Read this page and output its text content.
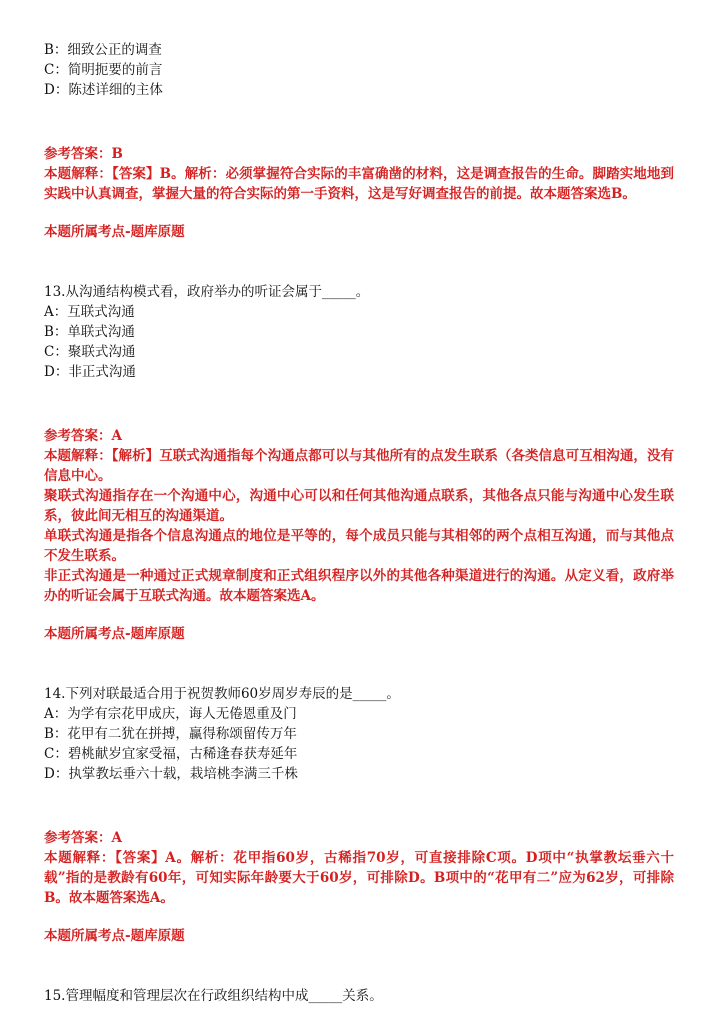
B：细致公正的调查
C：简明扼要的前言
D：陈述详细的主体
参考答案：B
本题解释：【答案】B。解析：必须掌握符合实际的丰富确凿的材料，这是调查报告的生命。脚踏实地地到实践中认真调查，掌握大量的符合实际的第一手资料，这是写好调查报告的前提。故本题答案选B。
本题所属考点-题库原题
13.从沟通结构模式看，政府举办的听证会属于_____。
A：互联式沟通
B：单联式沟通
C：聚联式沟通
D：非正式沟通
参考答案：A
本题解释：【解析】互联式沟通指每个沟通点都可以与其他所有的点发生联系（各类信息可互相沟通，没有信息中心。
聚联式沟通指存在一个沟通中心，沟通中心可以和任何其他沟通点联系，其他各点只能与沟通中心发生联系，彼此间无相互的沟通渠道。
单联式沟通是指各个信息沟通点的地位是平等的，每个成员只能与其相邻的两个点相互沟通，而与其他点不发生联系。
非正式沟通是一种通过正式规章制度和正式组织程序以外的其他各种渠道进行的沟通。从定义看，政府举办的听证会属于互联式沟通。故本题答案选A。
本题所属考点-题库原题
14.下列对联最适合用于祝贺教师60岁周岁寿辰的是_____。
A：为学有宗花甲成庆，诲人无倦恩重及门
B：花甲有二犹在拼搏，赢得称颂留传万年
C：碧桃献岁宜家受福，古稀逢春获寿延年
D：执掌教坛垂六十载，栽培桃李满三千株
参考答案：A
本题解释：【答案】A。解析：花甲指60岁，古稀指70岁，可直接排除C项。D项中“执掌教坛垂六十载”指的是教龄有60年，可知实际年龄要大于60岁，可排除D。B项中的“花甲有二”应为62岁，可排除B。故本题答案选A。
本题所属考点-题库原题
15.管理幅度和管理层次在行政组织结构中成_____关系。
